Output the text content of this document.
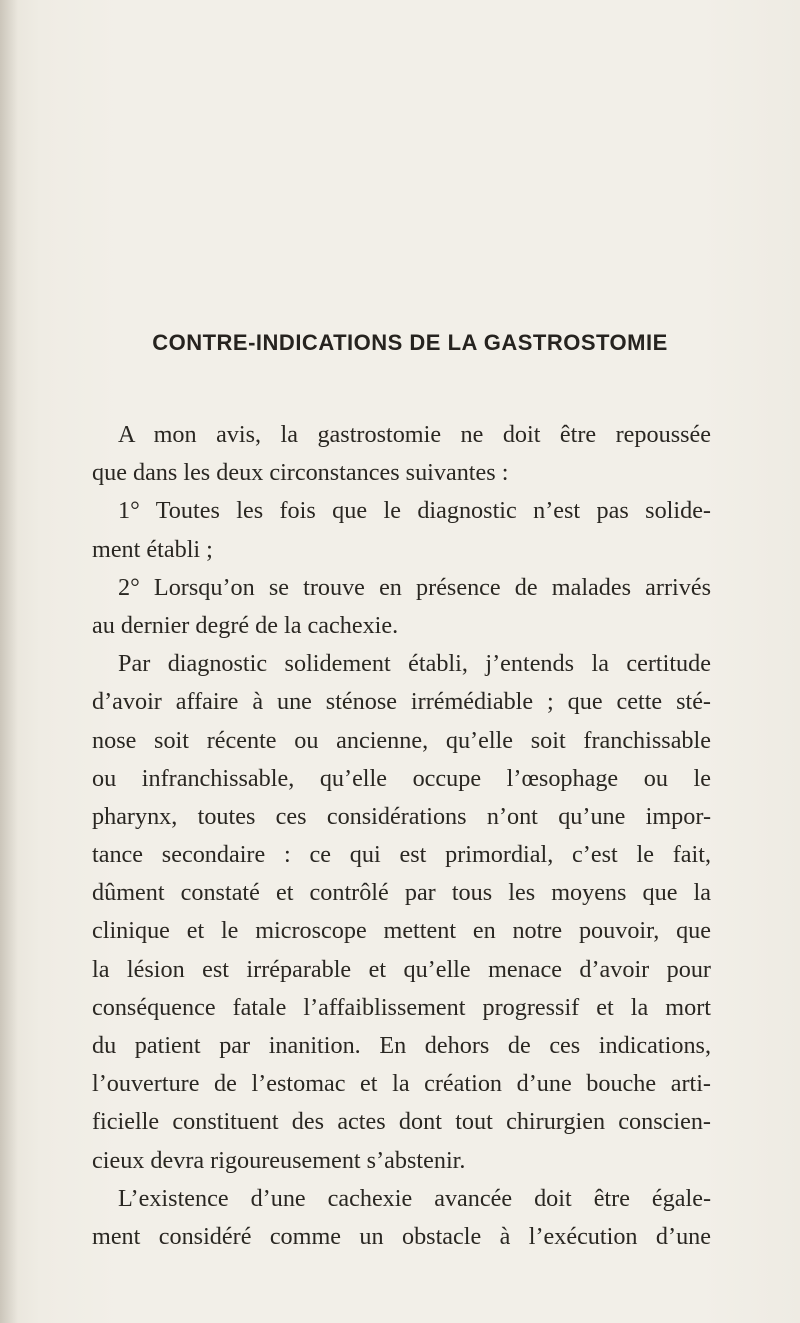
CONTRE-INDICATIONS DE LA GASTROSTOMIE
A mon avis, la gastrostomie ne doit être repoussée
que dans les deux circonstances suivantes :
1° Toutes les fois que le diagnostic n’est pas solide-
ment établi ;
2° Lorsqu’on se trouve en présence de malades arrivés
au dernier degré de la cachexie.
Par diagnostic solidement établi, j’entends la certitude
d’avoir affaire à une sténose irrémédiable ; que cette sté-
nose soit récente ou ancienne, qu’elle soit franchissable
ou infranchissable, qu’elle occupe l’œsophage ou le
pharynx, toutes ces considérations n’ont qu’une impor-
tance secondaire : ce qui est primordial, c’est le fait,
dûment constaté et contrôlé par tous les moyens que la
clinique et le microscope mettent en notre pouvoir, que
la lésion est irréparable et qu’elle menace d’avoir pour
conséquence fatale l’affaiblissement progressif et la mort
du patient par inanition. En dehors de ces indications,
l’ouverture de l’estomac et la création d’une bouche arti-
ficielle constituent des actes dont tout chirurgien conscien-
cieux devra rigoureusement s’abstenir.
L’existence d’une cachexie avancée doit être égale-
ment considéré comme un obstacle à l’exécution d’une
